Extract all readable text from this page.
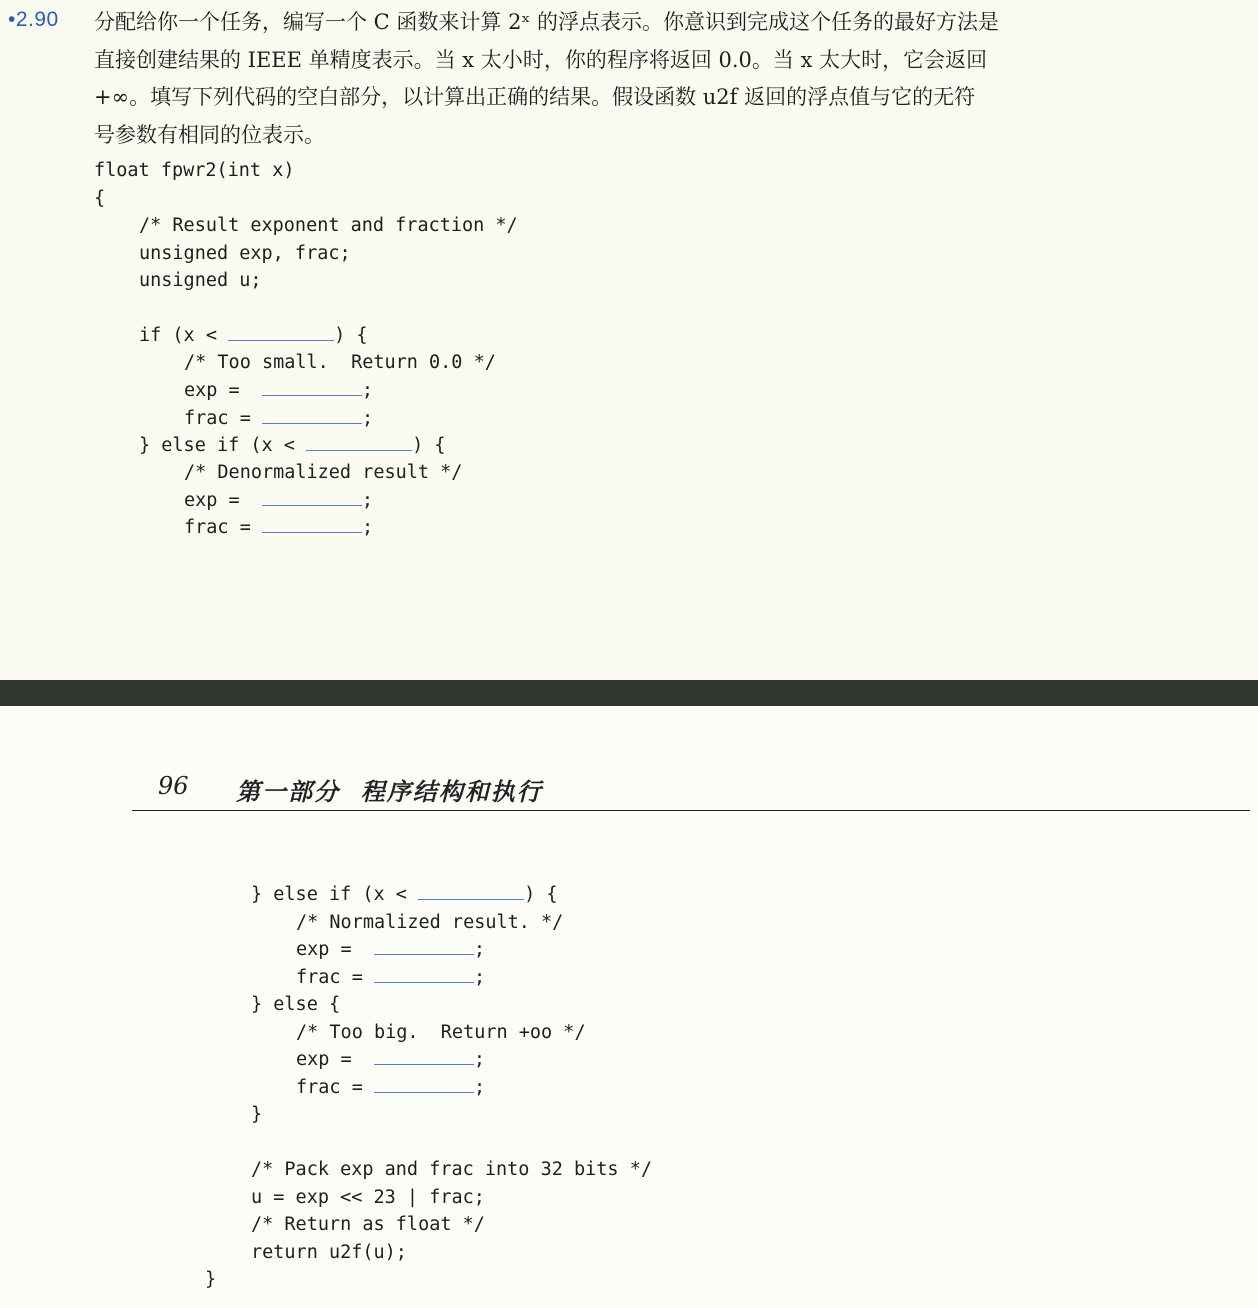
•2.90 分配给你一个任务，编写一个 C 函数来计算 2ˣ 的浮点表示。你意识到完成这个任务的最好方法是
直接创建结果的 IEEE 单精度表示。当 x 太小时，你的程序将返回 0.0。当 x 太大时，它会返回
+∞。填写下列代码的空白部分，以计算出正确的结果。假设函数 u2f 返回的浮点值与它的无符
号参数有相同的位表示。
float fpwr2(int x)
{
/* Result exponent and fraction */
unsigned exp, frac;
unsigned u;
if (x <	) {
/* Too small.  Return 0.0 */
exp =	;
frac =	;
} else if (x <	) {
/* Denormalized result */
exp =	;
frac =	;
96 第一部分  程序结构和执行
} else if (x <	) {
/* Normalized result. */
exp =	;
frac =	;
} else {
/* Too big.  Return +oo */
exp =	;
frac =	;
}
/* Pack exp and frac into 32 bits */
u = exp << 23 | frac;
/* Return as float */
return u2f(u);
}
